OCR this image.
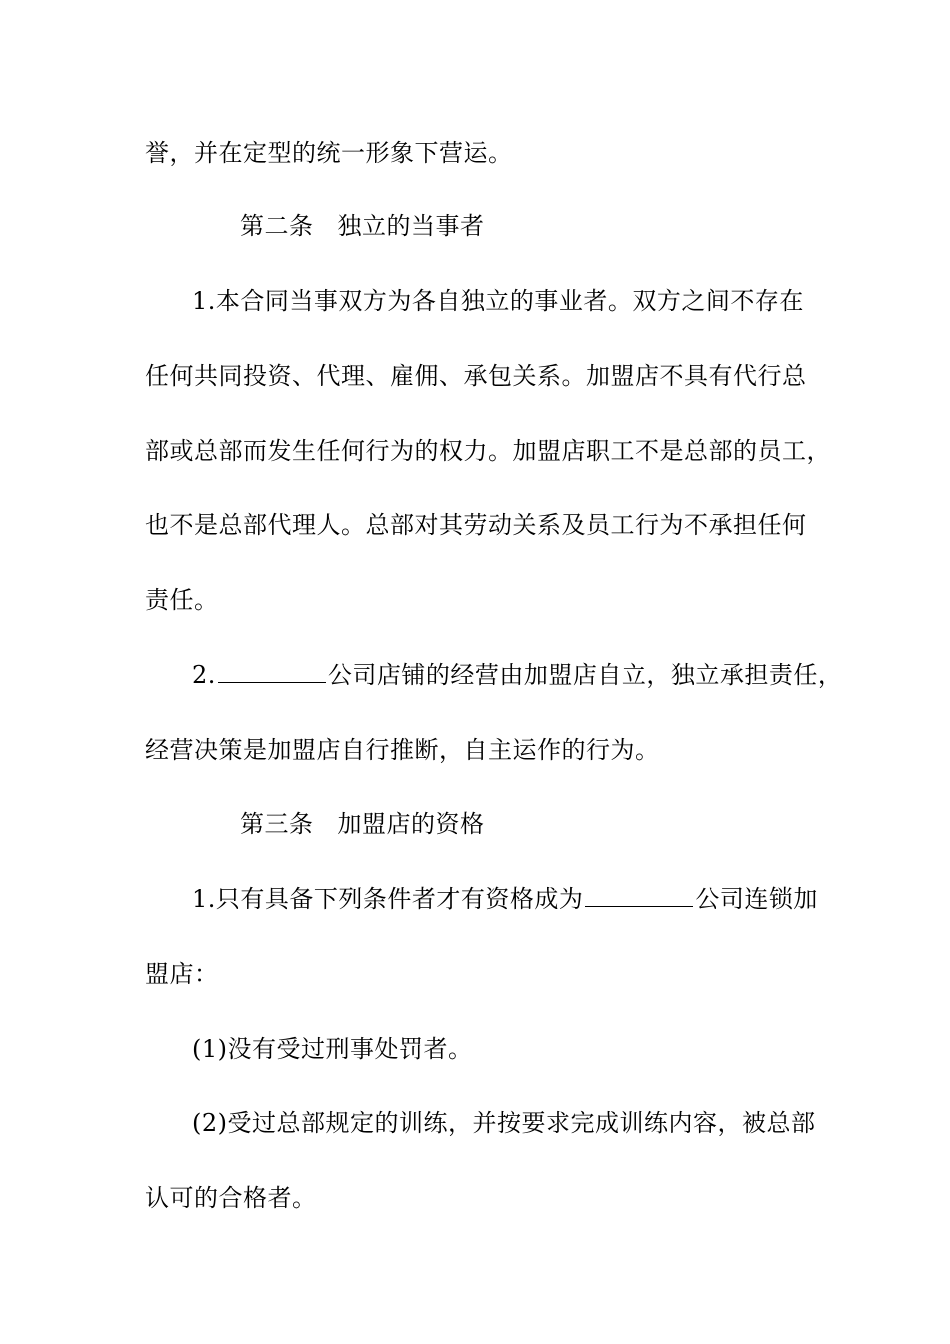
誉，并在定型的统一形象下营运。
第二条 独立的当事者
1.本合同当事双方为各自独立的事业者。双方之间不存在
任何共同投资、代理、雇佣、承包关系。加盟店不具有代行总
部或总部而发生任何行为的权力。加盟店职工不是总部的员工，
也不是总部代理人。总部对其劳动关系及员工行为不承担任何
责任。
2.	公司店铺的经营由加盟店自立，独立承担责任，
经营决策是加盟店自行推断，自主运作的行为。
第三条 加盟店的资格
1.只有具备下列条件者才有资格成为	公司连锁加
盟店：
(1)没有受过刑事处罚者。
(2)受过总部规定的训练，并按要求完成训练内容，被总部
认可的合格者。
